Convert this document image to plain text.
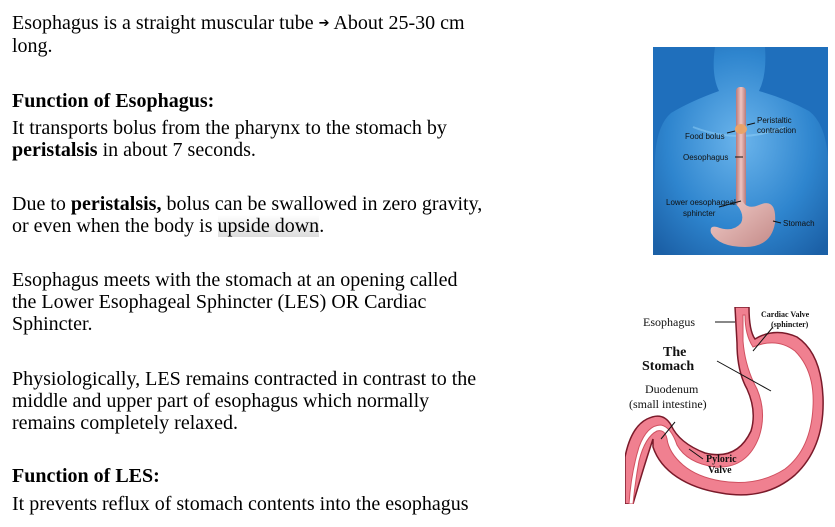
Esophagus is a straight muscular tube ➔ About 25-30 cm
long.
Function of Esophagus:
It transports bolus from the pharynx to the stomach by
peristalsis in about 7 seconds.
Due to peristalsis, bolus can be swallowed in zero gravity,
or even when the body is upside down.
Esophagus meets with the stomach at an opening called
the Lower Esophageal Sphincter (LES) OR Cardiac
Sphincter.
Physiologically, LES remains contracted in contrast to the
middle and upper part of esophagus which normally
remains completely relaxed.
Function of LES:
It prevents reflux of stomach contents into the esophagus
Food bolus
Peristaltic
contraction
Oesophagus
Lower oesophageal
sphincter
Stomach
Esophagus
Cardiac Valve
(sphincter)
The
Stomach
Duodenum
(small intestine)
Pyloric
Valve
